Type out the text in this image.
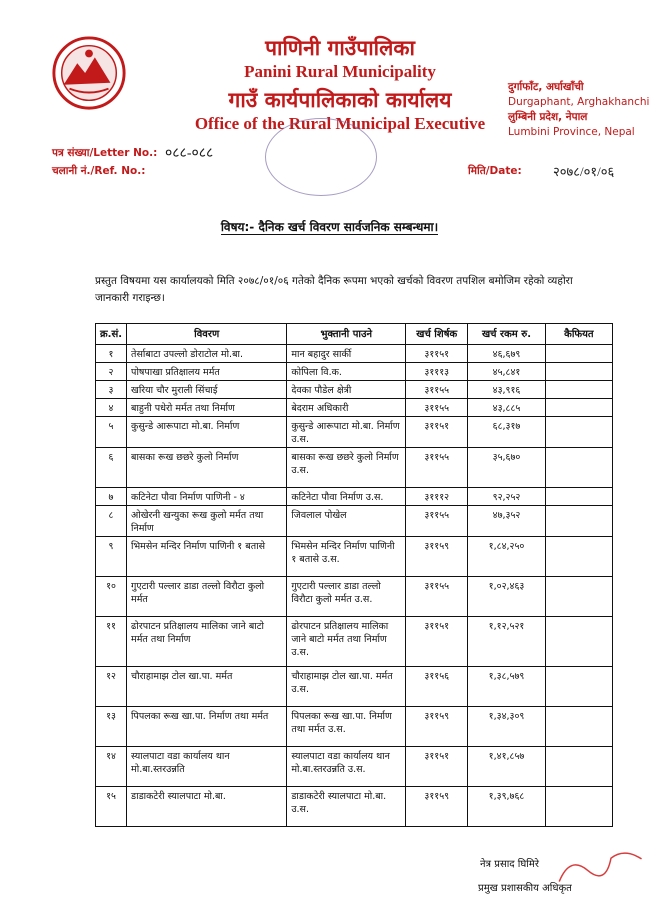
पाणिनी गाउँपालिका
Panini Rural Municipality
गाउँ कार्यपालिकाको कार्यालय
Office of the Rural Municipal Executive
दुर्गाफाँट, अर्घाखाँची
Durgaphant, Arghakhanchi
लुम्बिनी प्रदेश, नेपाल
Lumbini Province, Nepal
पत्र संख्या/Letter No.: ०८८-०८८
चलानी नं./Ref. No.:	मिति/Date: २०७८/०१/०६
विषय:- दैनिक खर्च विवरण सार्वजनिक सम्बन्धमा।
प्रस्तुत विषयमा यस कार्यालयको मिति २०७८/०१/०६ गतेको दैनिक रूपमा भएको खर्चको विवरण तपशिल बमोजिम रहेको व्यहोरा जानकारी गराइन्छ।
क्र.सं.	विवरण	भुक्तानी पाउने	खर्च शिर्षक	खर्च रकम रु.	कैफियत
१	तेर्साबाटा उपल्लो डोराटोल मो.बा.	मान बहादुर सार्की	३११५१	४६,६७९	
२	पोषपाखा प्रतिक्षालय मर्मत	कोपिला वि.क.	३१११३	४५,८४१	
३	खरिया चौर मुराली सिंचाई	देवका पौडेल क्षेत्री	३११५५	४३,९१६	
४	बाहुनी पधेरो मर्मत तथा निर्माण	बेदराम अधिकारी	३११५५	४३,८८५	
५	कुसुन्डे आरूपाटा मो.बा. निर्माण	कुसुन्डे आरूपाटा मो.बा. निर्माण उ.स.	३११५१	६८,३१७	
६	बासका रूख छछरे कुलो निर्माण	बासका रूख छछरे कुलो निर्माण उ.स.	३११५५	३५,६७०	
७	कटिनेटा पौवा निर्माण पाणिनी - ४	कटिनेटा पौवा निर्माण उ.स.	३१११२	९२,२५२	
८	ओखेरनी खन्युका रूख कुलो मर्मत तथा निर्माण	जिवलाल पोखेल	३११५५	४७,३५२	
९	भिमसेन मन्दिर निर्माण पाणिनी १ बतासे	भिमसेन मन्दिर निर्माण पाणिनी १ बतासे उ.स.	३११५९	१,८४,२५०	
१०	गुएटारी पल्लार डाडा तल्लो विरौटा कुलो मर्मत	गुएटारी पल्लार डाडा तल्लो विरौटा कुलो मर्मत उ.स.	३११५५	१,०२,४६३	
११	ढोरपाटन प्रतिक्षालय मालिका जाने बाटो मर्मत तथा निर्माण	ढोरपाटन प्रतिक्षालय मालिका जाने बाटो मर्मत तथा निर्माण उ.स.	३११५१	१,१२,५२१	
१२	चौराहामाझ टोल खा.पा. मर्मत	चौराहामाझ टोल खा.पा. मर्मत उ.स.	३११५६	१,३८,५७९	
१३	पिपलका रूख खा.पा. निर्माण तथा मर्मत	पिपलका रूख खा.पा. निर्माण तथा मर्मत उ.स.	३११५९	१,३४,३०९	
१४	स्यालपाटा वडा कार्यालय थान मो.बा.स्तरउन्नति	स्यालपाटा वडा कार्यालय थान मो.बा.स्तरउन्नति उ.स.	३११५१	१,४१,८५७	
१५	डाडाकटेरी स्यालपाटा मो.बा.	डाडाकटेरी स्यालपाटा मो.बा. उ.स.	३११५९	१,३९,७६८	
नेत्र प्रसाद घिमिरे
प्रमुख प्रशासकीय अधिकृत
